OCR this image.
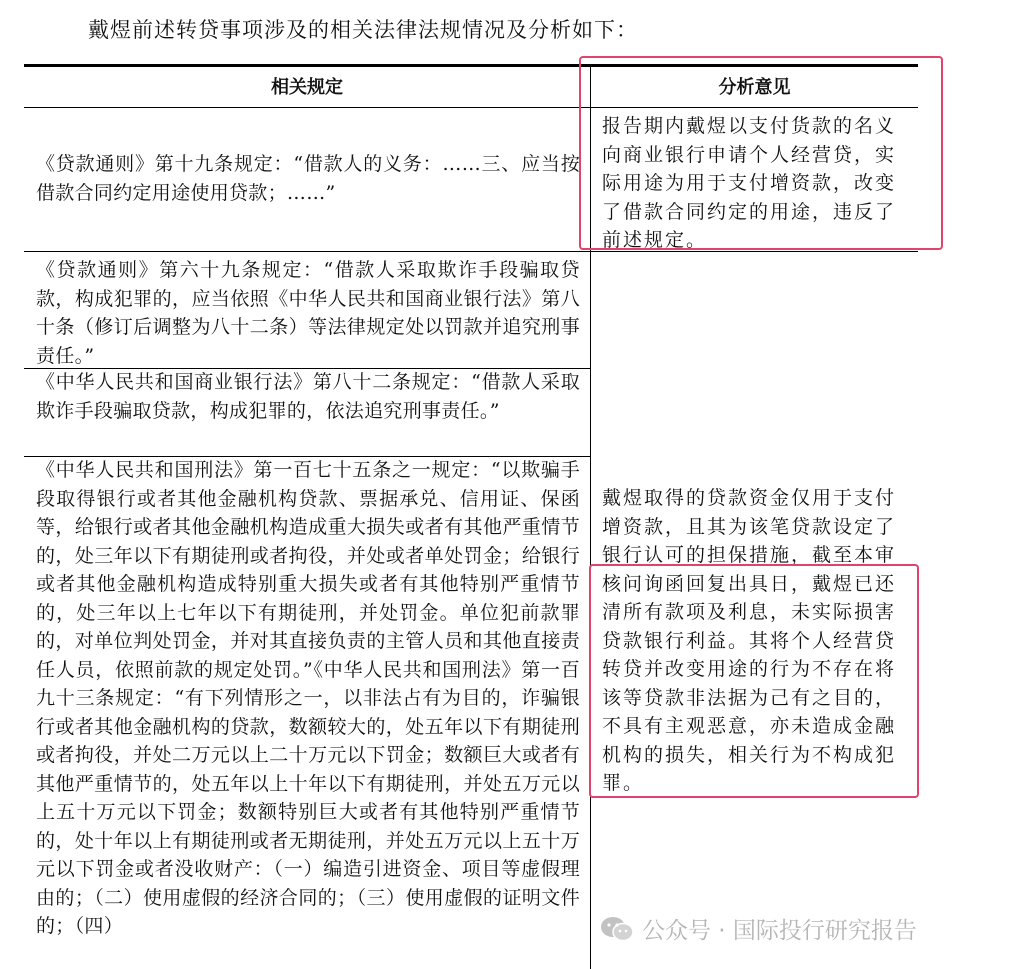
戴煜前述转贷事项涉及的相关法律法规情况及分析如下：
相关规定	分析意见
《贷款通则》第十九条规定：“借款人的义务：……三、应当按借款合同约定用途使用贷款；……”
《贷款通则》第六十九条规定：“借款人采取欺诈手段骗取贷款，构成犯罪的，应当依照《中华人民共和国商业银行法》第八十条（修订后调整为八十二条）等法律规定处以罚款并追究刑事责任。”
《中华人民共和国商业银行法》第八十二条规定：“借款人采取欺诈手段骗取贷款，构成犯罪的，依法追究刑事责任。”
《中华人民共和国刑法》第一百七十五条之一规定：“以欺骗手段取得银行或者其他金融机构贷款、票据承兑、信用证、保函等，给银行或者其他金融机构造成重大损失或者有其他严重情节的，处三年以下有期徒刑或者拘役，并处或者单处罚金；给银行或者其他金融机构造成特别重大损失或者有其他特别严重情节的，处三年以上七年以下有期徒刑，并处罚金。单位犯前款罪的，对单位判处罚金，并对其直接负责的主管人员和其他直接责任人员，依照前款的规定处罚。”《中华人民共和国刑法》第一百九十三条规定：“有下列情形之一，以非法占有为目的，诈骗银行或者其他金融机构的贷款，数额较大的，处五年以下有期徒刑或者拘役，并处二万元以上二十万元以下罚金；数额巨大或者有其他严重情节的，处五年以上十年以下有期徒刑，并处五万元以上五十万元以下罚金；数额特别巨大或者有其他特别严重情节的，处十年以上有期徒刑或者无期徒刑，并处五万元以上五十万元以下罚金或者没收财产：（一）编造引进资金、项目等虚假理由的；（二）使用虚假的经济合同的；（三）使用虚假的证明文件的；（四）
报告期内戴煜以支付货款的名义向商业银行申请个人经营贷，实际用途为用于支付增资款，改变了借款合同约定的用途，违反了前述规定。
戴煜取得的贷款资金仅用于支付增资款，且其为该笔贷款设定了银行认可的担保措施，截至本审核问询函回复出具日，戴煜已还清所有款项及利息，未实际损害贷款银行利益。其将个人经营贷转贷并改变用途的行为不存在将该等贷款非法据为己有之目的，不具有主观恶意，亦未造成金融机构的损失，相关行为不构成犯罪。
公众号 · 国际投行研究报告
